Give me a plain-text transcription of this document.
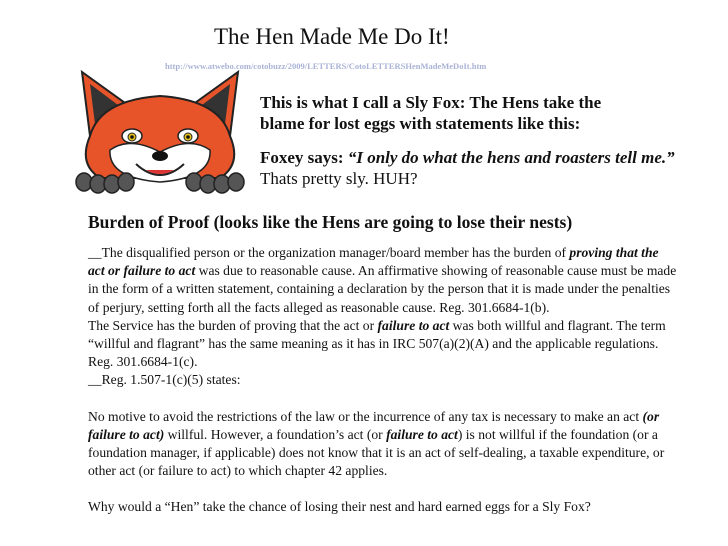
The Hen Made Me Do It!
http://www.atwebo.com/cotobuzz/2009/LETTERS/CotoLETTERSHenMadeMeDoIt.htm
This is what I call a Sly Fox: The Hens take the
blame for lost eggs with statements like this:
Foxey says: “I only do what the hens and roasters tell me.” Thats pretty sly. HUH?
Burden of Proof (looks like the Hens are going to lose their nests)

__The disqualified person or the organization manager/board member has the burden of proving that the act or failure to act was due to reasonable cause. An affirmative showing of reasonable cause must be made in the form of a written statement, containing a declaration by the person that it is made under the penalties of perjury, setting forth all the facts alleged as reasonable cause. Reg. 301.6684-1(b).

The Service has the burden of proving that the act or failure to act was both willful and flagrant. The term “willful and flagrant” has the same meaning as it has in IRC 507(a)(2)(A) and the applicable regulations. Reg. 301.6684-1(c).

__Reg. 1.507-1(c)(5) states:

No motive to avoid the restrictions of the law or the incurrence of any tax is necessary to make an act (or failure to act) willful. However, a foundation’s act (or failure to act) is not willful if the foundation (or a foundation manager, if applicable) does not know that it is an act of self-dealing, a taxable expenditure, or other act (or failure to act) to which chapter 42 applies.

Why would a “Hen” take the chance of losing their nest and hard earned eggs for a Sly Fox?
